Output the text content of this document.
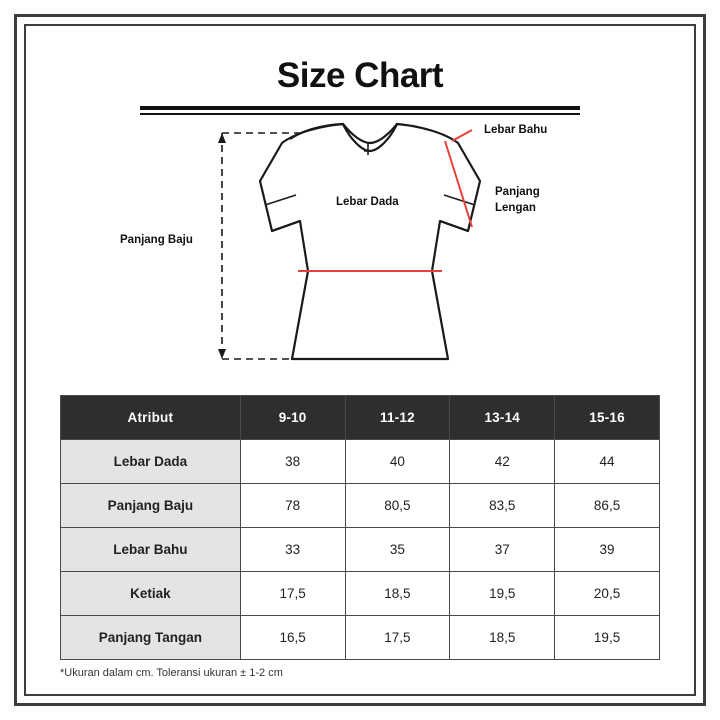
Size Chart
Lebar Bahu
Panjang
Lengan
Lebar Dada
Panjang Baju
Atribut	9-10	11-12	13-14	15-16
Lebar Dada	38	40	42	44
Panjang Baju	78	80,5	83,5	86,5
Lebar Bahu	33	35	37	39
Ketiak	17,5	18,5	19,5	20,5
Panjang Tangan	16,5	17,5	18,5	19,5
*Ukuran dalam cm. Toleransi ukuran ± 1-2 cm
